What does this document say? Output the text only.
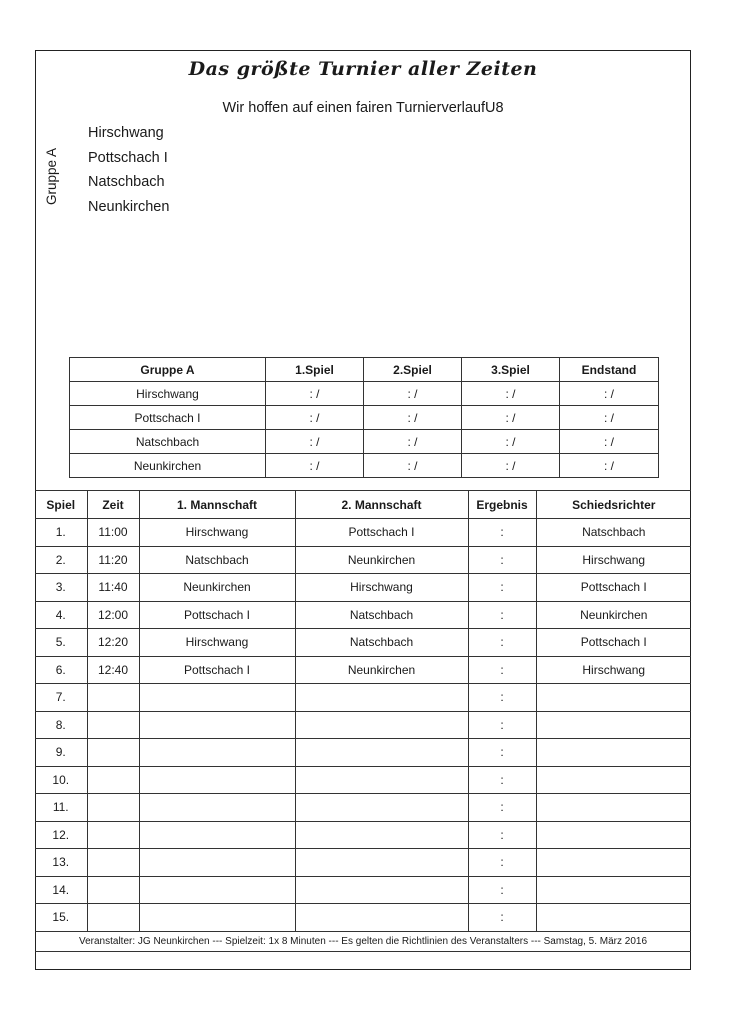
Das größte Turnier aller Zeiten
Wir hoffen auf einen fairen TurnierverlaufU8
Gruppe A
Hirschwang
Pottschach I
Natschbach
Neunkirchen
Gruppe A	1.Spiel	2.Spiel	3.Spiel	Endstand
Hirschwang	: /	: /	: /	: /
Pottschach I	: /	: /	: /	: /
Natschbach	: /	: /	: /	: /
Neunkirchen	: /	: /	: /	: /
Spiel	Zeit	1. Mannschaft	2. Mannschaft	Ergebnis	Schiedsrichter
1.	11:00	Hirschwang	Pottschach I	:	Natschbach
2.	11:20	Natschbach	Neunkirchen	:	Hirschwang
3.	11:40	Neunkirchen	Hirschwang	:	Pottschach I
4.	12:00	Pottschach I	Natschbach	:	Neunkirchen
5.	12:20	Hirschwang	Natschbach	:	Pottschach I
6.	12:40	Pottschach I	Neunkirchen	:	Hirschwang
7.				:	
8.				:	
9.				:	
10.				:	
11.				:	
12.				:	
13.				:	
14.				:	
15.				:	
Veranstalter: JG Neunkirchen --- Spielzeit: 1x 8 Minuten --- Es gelten die Richtlinien des Veranstalters --- Samstag, 5. März 2016
